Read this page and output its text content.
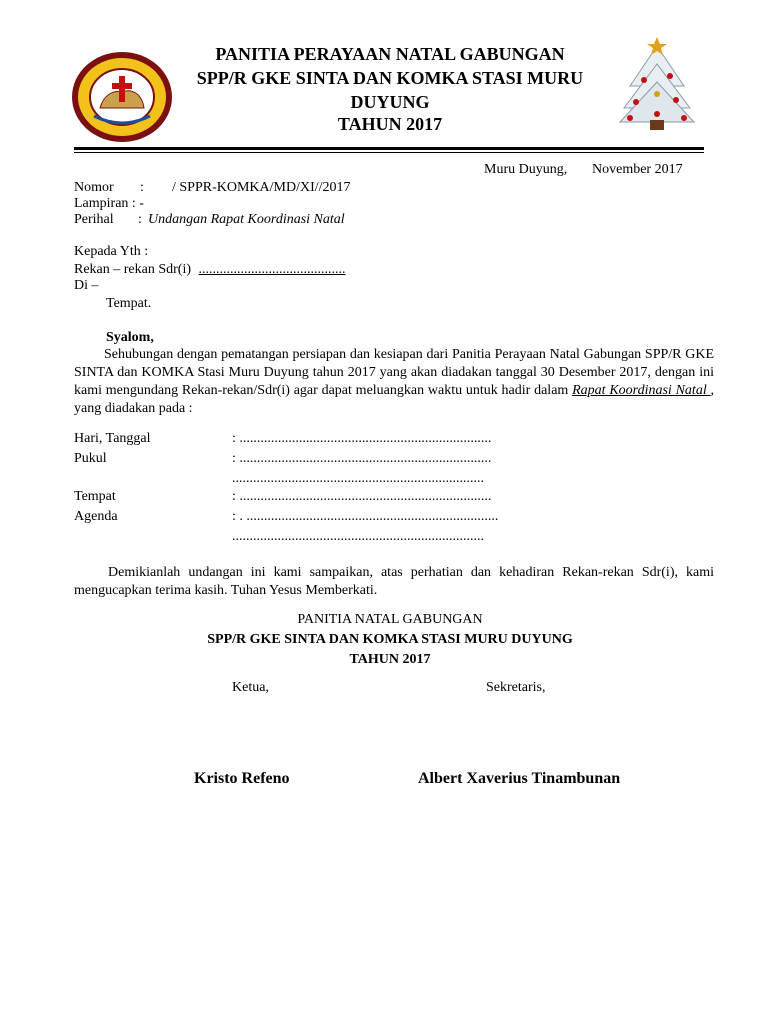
PANITIA PERAYAAN NATAL GABUNGAN
SPP/R GKE SINTA DAN KOMKA STASI MURU
DUYUNG
TAHUN 2017
Muru Duyung, November 2017
Nomor : / SPPR-KOMKA/MD/XI//2017
Lampiran : -
Perihal : Undangan Rapat Koordinasi Natal
Kepada Yth :
Rekan – rekan Sdr(i) ..........................................
Di –
Tempat.
Syalom,
Sehubungan dengan pematangan persiapan dan kesiapan dari Panitia Perayaan Natal Gabungan SPP/R GKE SINTA dan KOMKA Stasi Muru Duyung tahun 2017 yang akan diadakan tanggal 30 Desember 2017, dengan ini kami mengundang Rekan-rekan/Sdr(i) agar dapat meluangkan waktu untuk hadir dalam Rapat Koordinasi Natal , yang diadakan pada :
Hari, Tanggal	: ........................................................................
Pukul	: ........................................................................
........................................................................
Tempat	: ........................................................................
Agenda	: . ........................................................................
........................................................................
Demikianlah undangan ini kami sampaikan, atas perhatian dan kehadiran Rekan-rekan Sdr(i), kami mengucapkan terima kasih. Tuhan Yesus Memberkati.
PANITIA NATAL GABUNGAN
SPP/R GKE SINTA DAN KOMKA STASI MURU DUYUNG
TAHUN 2017
Ketua,	Sekretaris,
Kristo Refeno	Albert Xaverius Tinambunan
